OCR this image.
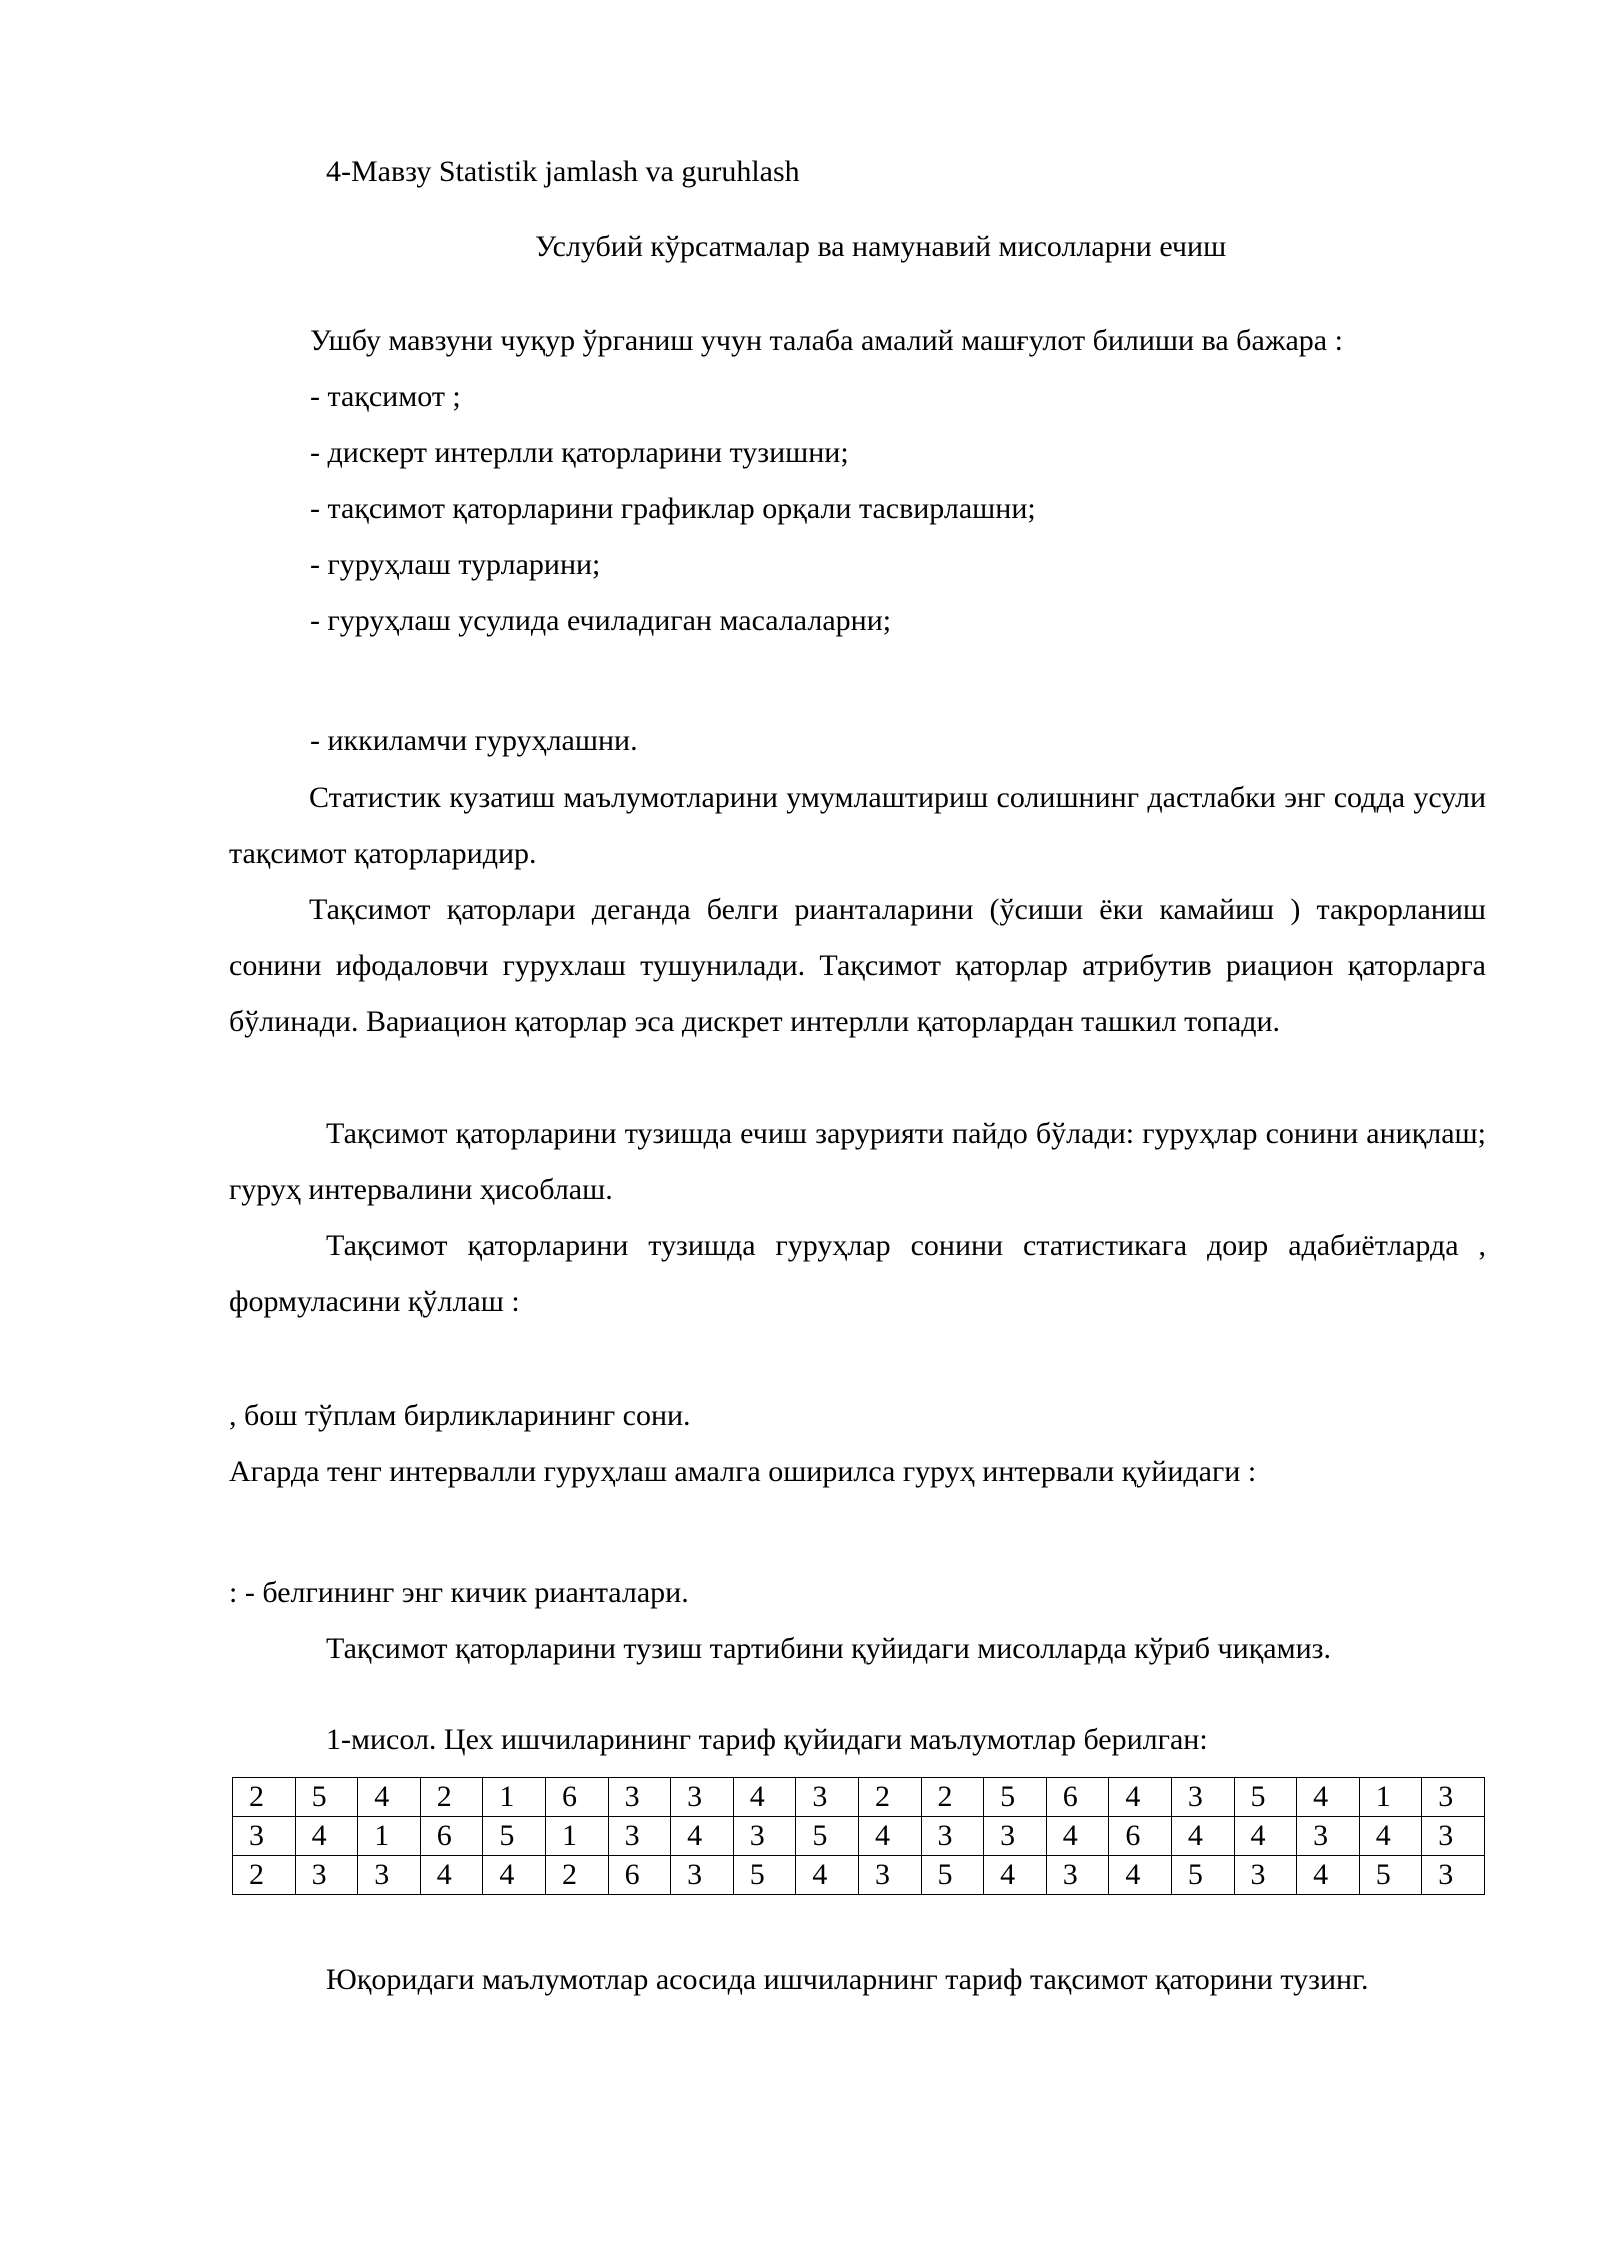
4-Мавзу Statistik jamlash va guruhlash
Услубий кўрсатмалар ва намунавий мисолларни ечиш
Ушбу мавзуни чуқур ўрганиш учун талаба амалий машғулот билиши ва бажара :
- тақсимот ;
- дискерт интерлли қаторларини тузишни;
- тақсимот қаторларини графиклар орқали тасвирлашни;
- гуруҳлаш турларини;
- гуруҳлаш усулида ечиладиган масалаларни;
- иккиламчи гуруҳлашни.
Статистик кузатиш маълумотларини умумлаштириш солишнинг дастлабки энг содда усули тақсимот қаторларидир.
Тақсимот қаторлари деганда белги рианталарини (ўсиши ёки камайиш ) такрорланиш сонини ифодаловчи гурухлаш тушунилади. Тақсимот қаторлар атрибутив риацион қаторларга бўлинади. Вариацион қаторлар эса дискрет интерлли қаторлардан ташкил топади.
Тақсимот қаторларини тузишда ечиш зарурияти пайдо бўлади: гуруҳлар сонини аниқлаш; гуруҳ интервалини ҳисоблаш.
Тақсимот қаторларини тузишда гуруҳлар сонини статистикага доир адабиётларда , формуласини қўллаш :
, бош тўплам бирликларининг сони.
Агарда тенг интервалли гуруҳлаш амалга оширилса гуруҳ интервали қуйидаги :
: - белгининг энг кичик рианталари.
Тақсимот қаторларини тузиш тартибини қуйидаги мисолларда кўриб чиқамиз.
1-мисол. Цех ишчиларининг тариф қуйидаги маълумотлар берилган:
2	5	4	2	1	6	3	3	4	3	2	2	5	6	4	3	5	4	1	3
3	4	1	6	5	1	3	4	3	5	4	3	3	4	6	4	4	3	4	3
2	3	3	4	4	2	6	3	5	4	3	5	4	3	4	5	3	4	5	3
Юқоридаги маълумотлар асосида ишчиларнинг тариф тақсимот қаторини тузинг.
